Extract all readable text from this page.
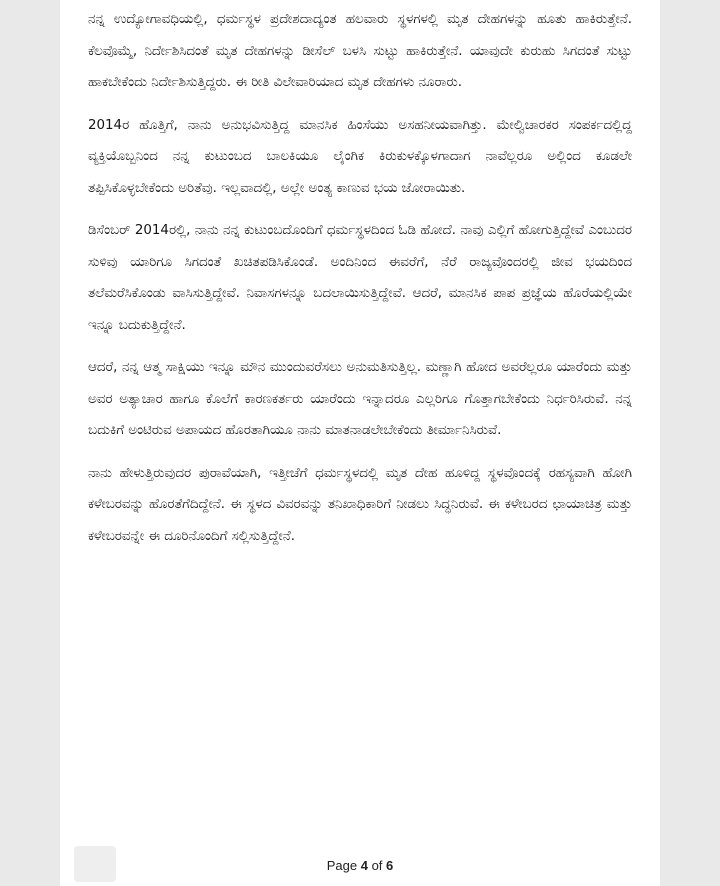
ನನ್ನ ಉದ್ಯೋಗಾವಧಿಯಲ್ಲಿ, ಧರ್ಮಸ್ಥಳ ಪ್ರದೇಶದಾದ್ಯಂತ ಹಲವಾರು ಸ್ಥಳಗಳಲ್ಲಿ ಮೃತ ದೇಹಗಳನ್ನು ಹೂತು ಹಾಕಿರುತ್ತೇನೆ. ಕೆಲವೊಮ್ಮೆ, ನಿರ್ದೇಶಿಸಿದಂತೆ ಮೃತ ದೇಹಗಳನ್ನು ಡೀಸೆಲ್ ಬಳಸಿ ಸುಟ್ಟು ಹಾಕಿರುತ್ತೇನೆ. ಯಾವುದೇ ಕುರುಹು ಸಿಗದಂತೆ ಸುಟ್ಟು ಹಾಕಬೇಕೆಂದು ನಿರ್ದೇಶಿಸುತ್ತಿದ್ದರು. ಈ ರೀತಿ ವಿಲೇವಾರಿಯಾದ ಮೃತ ದೇಹಗಳು ನೂರಾರು.

2014ರ ಹೊತ್ತಿಗೆ, ನಾನು ಅನುಭವಿಸುತ್ತಿದ್ದ ಮಾನಸಿಕ ಹಿಂಸೆಯು ಅಸಹನೀಯವಾಗಿತ್ತು. ಮೇಲ್ವಿಚಾರಕರ ಸಂಪರ್ಕದಲ್ಲಿದ್ದ ವ್ಯಕ್ತಿಯೊಬ್ಬನಿಂದ ನನ್ನ ಕುಟುಂಬದ ಬಾಲಕಿಯೂ ಲೈಂಗಿಕ ಕಿರುಕುಳಕ್ಕೊಳಗಾದಾಗ ನಾವೆಲ್ಲರೂ ಅಲ್ಲಿಂದ ಕೂಡಲೇ ತಪ್ಪಿಸಿಕೊಳ್ಳಬೇಕೆಂದು ಅರಿತೆವು. ಇಲ್ಲವಾದಲ್ಲಿ, ಅಲ್ಲೇ ಅಂತ್ಯ ಕಾಣುವ ಭಯ ಜೋರಾಯಿತು.

ಡಿಸೆಂಬರ್ 2014ರಲ್ಲಿ, ನಾನು ನನ್ನ ಕುಟುಂಬದೊಂದಿಗೆ ಧರ್ಮಸ್ಥಳದಿಂದ ಓಡಿ ಹೋದೆ. ನಾವು ಎಲ್ಲಿಗೆ ಹೋಗುತ್ತಿದ್ದೇವೆ ಎಂಬುದರ ಸುಳಿವು ಯಾರಿಗೂ ಸಿಗದಂತೆ ಖಚಿತಪಡಿಸಿಕೊಂಡೆ. ಅಂದಿನಿಂದ ಈವರೆಗೆ, ನೆರೆ ರಾಜ್ಯವೊಂದರಲ್ಲಿ ಜೀವ ಭಯದಿಂದ ತಲೆಮರೆಸಿಕೊಂಡು ವಾಸಿಸುತ್ತಿದ್ದೇವೆ. ನಿವಾಸಗಳನ್ನೂ ಬದಲಾಯಿಸುತ್ತಿದ್ದೇವೆ. ಆದರೆ, ಮಾನಸಿಕ ಪಾಪ ಪ್ರಜ್ಞೆಯ ಹೊರೆಯಲ್ಲಿಯೇ ಇನ್ನೂ ಬದುಕುತ್ತಿದ್ದೇನೆ.

ಆದರೆ, ನನ್ನ ಆತ್ಮ ಸಾಕ್ಷಿಯು ಇನ್ನೂ ಮೌನ ಮುಂದುವರೆಸಲು ಅನುಮತಿಸುತ್ತಿಲ್ಲ. ಮಣ್ಣಾಗಿ ಹೋದ ಅವರೆಲ್ಲರೂ ಯಾರೆಂದು ಮತ್ತು ಅವರ ಅತ್ಯಾಚಾರ ಹಾಗೂ ಕೊಲೆಗೆ ಕಾರಣಕರ್ತರು ಯಾರೆಂದು ಇನ್ನಾದರೂ ಎಲ್ಲರಿಗೂ ಗೊತ್ತಾಗಬೇಕೆಂದು ನಿರ್ಧರಿಸಿರುವೆ. ನನ್ನ ಬದುಕಿಗೆ ಅಂಟಿರುವ ಅಪಾಯದ ಹೊರತಾಗಿಯೂ ನಾನು ಮಾತನಾಡಲೇಬೇಕೆಂದು ತೀರ್ಮಾನಿಸಿರುವೆ.

ನಾನು ಹೇಳುತ್ತಿರುವುದರ ಪುರಾವೆಯಾಗಿ, ಇತ್ತೀಚೆಗೆ ಧರ್ಮಸ್ಥಳದಲ್ಲಿ ಮೃತ ದೇಹ ಹೂಳಿದ್ದ ಸ್ಥಳವೊಂದಕ್ಕೆ ರಹಸ್ಯವಾಗಿ ಹೋಗಿ ಕಳೇಬರವನ್ನು ಹೊರತೆಗೆದಿದ್ದೇನೆ. ಈ ಸ್ಥಳದ ವಿವರವನ್ನು ತನಿಖಾಧಿಕಾರಿಗೆ ನೀಡಲು ಸಿದ್ಧನಿರುವೆ. ಈ ಕಳೇಬರದ ಛಾಯಾಚಿತ್ರ ಮತ್ತು ಕಳೇಬರವನ್ನೇ ಈ ದೂರಿನೊಂದಿಗೆ ಸಲ್ಲಿಸುತ್ತಿದ್ದೇನೆ.

Page 4 of 6
